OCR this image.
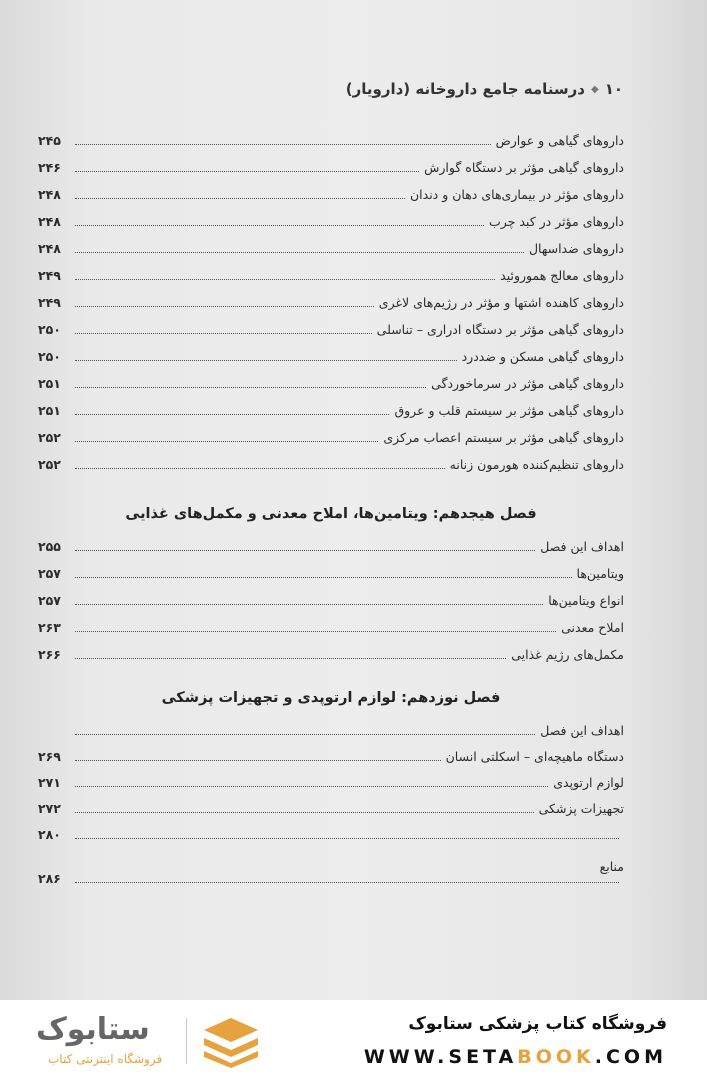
۱۰
◆
درسنامه جامع داروخانه (دارویار)
داروهای گیاهی و عوارض
۲۴۵
داروهای گیاهی مؤثر بر دستگاه گوارش
۲۴۶
داروهای مؤثر در بیماری‌های دهان و دندان
۲۴۸
داروهای مؤثر در کبد چرب
۲۴۸
داروهای ضداسهال
۲۴۸
داروهای معالج هموروئید
۲۴۹
داروهای کاهنده اشتها و مؤثر در رژیم‌های لاغری
۲۴۹
داروهای گیاهی مؤثر بر دستگاه ادراری – تناسلی
۲۵۰
داروهای گیاهی مسکن و ضددرد
۲۵۰
داروهای گیاهی مؤثر در سرماخوردگی
۲۵۱
داروهای گیاهی مؤثر بر سیستم قلب و عروق
۲۵۱
داروهای گیاهی مؤثر بر سیستم اعصاب مرکزی
۲۵۲
داروهای تنظیم‌کننده هورمون زنانه
۲۵۲
فصل هیجدهم: ویتامین‌ها، املاح معدنی و مکمل‌های غذایی
اهداف این فصل
۲۵۵
ویتامین‌ها
۲۵۷
انواع ویتامین‌ها
۲۵۷
املاح معدنی
۲۶۳
مکمل‌های رژیم غذایی
۲۶۶
فصل نوزدهم: لوازم ارتوپدی و تجهیزات پزشکی
اهداف این فصل
دستگاه ماهیچه‌ای – اسکلتی انسان
۲۶۹
لوازم ارتوپدی
۲۷۱
تجهیزات پزشکی
۲۷۲
۲۸۰
منابع
۲۸۶
ستابوک
فروشگاه اینترنتی کتاب
فروشگاه کتاب پزشکی ستابوک
WWW.SETABOOK.COM
